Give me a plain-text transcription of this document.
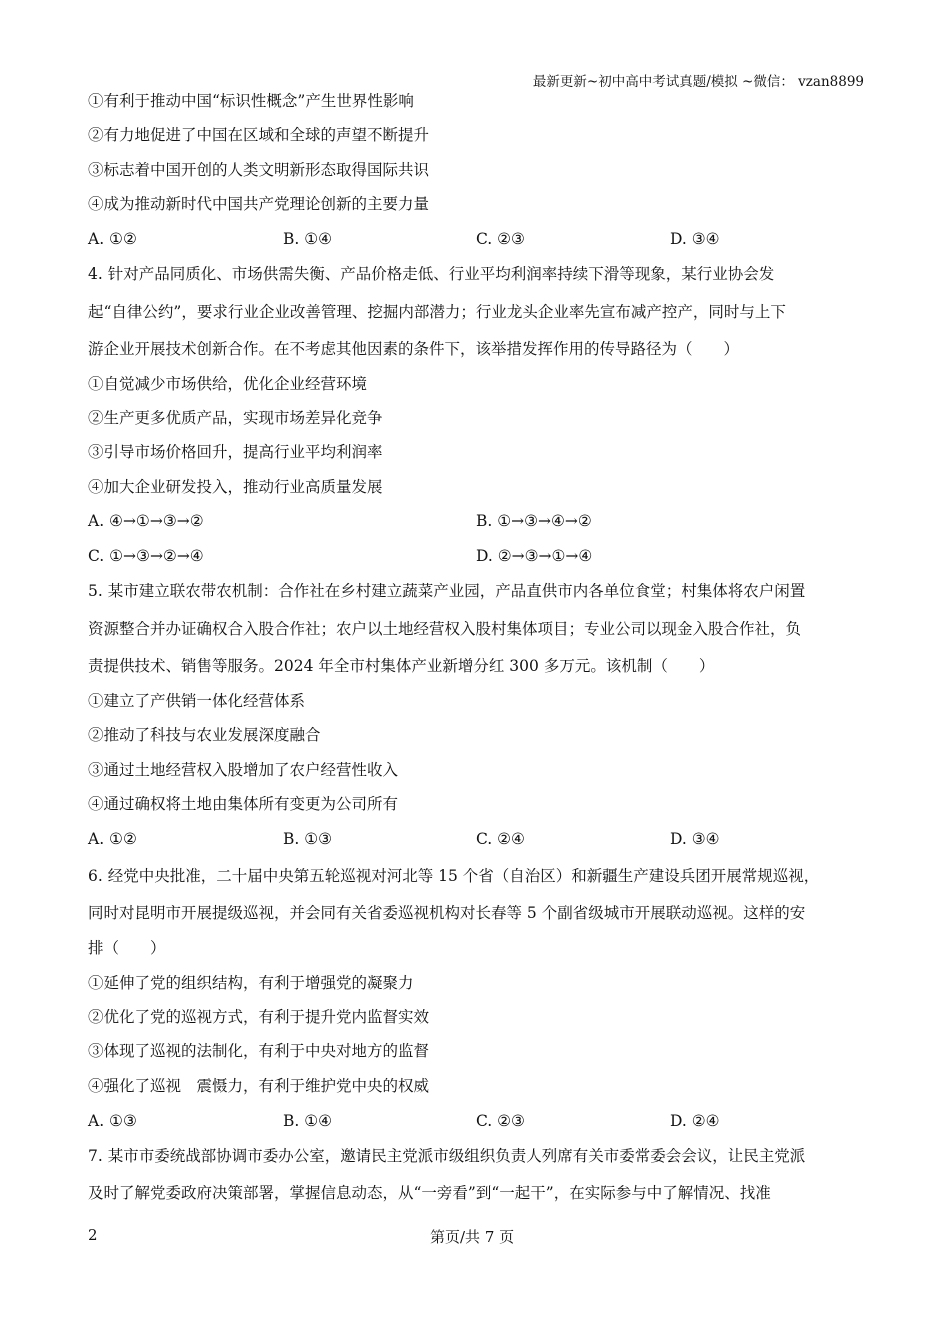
最新更新~初中高中考试真题/模拟 ~微信： vzan8899
①有利于推动中国“标识性概念”产生世界性影响
②有力地促进了中国在区域和全球的声望不断提升
③标志着中国开创的人类文明新形态取得国际共识
④成为推动新时代中国共产党理论创新的主要力量
A. ①②	B. ①④	C. ②③	D. ③④
4. 针对产品同质化、市场供需失衡、产品价格走低、行业平均利润率持续下滑等现象，某行业协会发
起“自律公约”，要求行业企业改善管理、挖掘内部潜力；行业龙头企业率先宣布减产控产，同时与上下
游企业开展技术创新合作。在不考虑其他因素的条件下，该举措发挥作用的传导路径为（　　）
①自觉减少市场供给，优化企业经营环境
②生产更多优质产品，实现市场差异化竞争
③引导市场价格回升，提高行业平均利润率
④加大企业研发投入，推动行业高质量发展
A. ④→①→③→②	B. ①→③→④→②
C. ①→③→②→④	D. ②→③→①→④
5. 某市建立联农带农机制：合作社在乡村建立蔬菜产业园，产品直供市内各单位食堂；村集体将农户闲置
资源整合并办证确权合入股合作社；农户以土地经营权入股村集体项目；专业公司以现金入股合作社，负
责提供技术、销售等服务。2024 年全市村集体产业新增分红 300 多万元。该机制（　　）
①建立了产供销一体化经营体系
②推动了科技与农业发展深度融合
③通过土地经营权入股增加了农户经营性收入
④通过确权将土地由集体所有变更为公司所有
A. ①②	B. ①③	C. ②④	D. ③④
6. 经党中央批准，二十届中央第五轮巡视对河北等 15 个省（自治区）和新疆生产建设兵团开展常规巡视，
同时对昆明市开展提级巡视，并会同有关省委巡视机构对长春等 5 个副省级城市开展联动巡视。这样的安
排（　　）
①延伸了党的组织结构，有利于增强党的凝聚力
②优化了党的巡视方式，有利于提升党内监督实效
③体现了巡视的法制化，有利于中央对地方的监督
④强化了巡视　震慑力，有利于维护党中央的权威
A. ①③	B. ①④	C. ②③	D. ②④
7. 某市市委统战部协调市委办公室，邀请民主党派市级组织负责人列席有关市委常委会会议，让民主党派
及时了解党委政府决策部署，掌握信息动态，从“一旁看”到“一起干”，在实际参与中了解情况、找准
2	第页/共 7 页
